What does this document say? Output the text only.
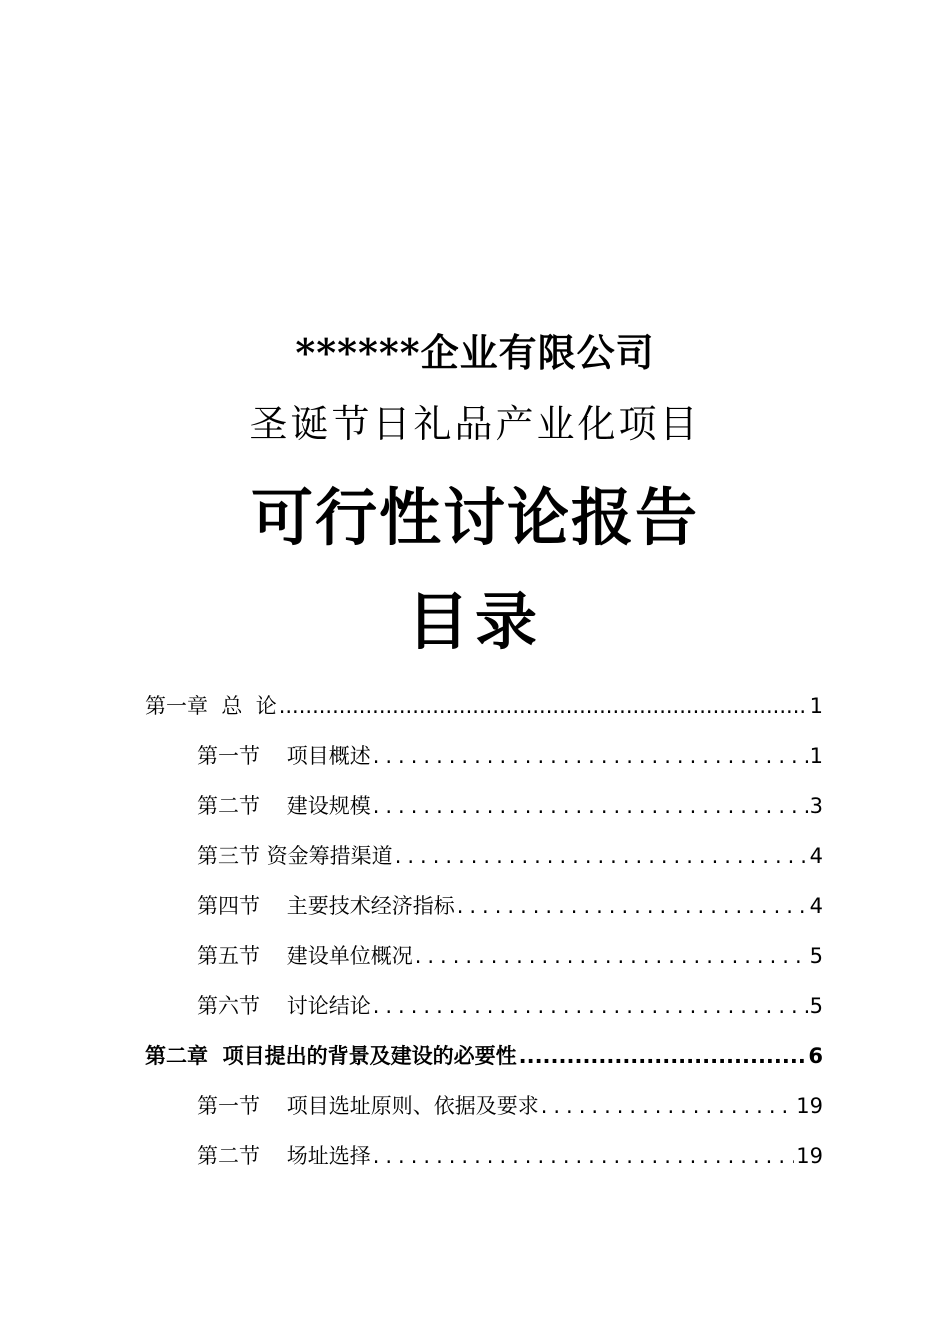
******企业有限公司
圣诞节日礼品产业化项目
可行性讨论报告
目录
第一章  总  论 .....	1
第一节    项目概述 .....	1
第二节    建设规模 .....	3
第三节 资金筹措渠道 .....	4
第四节    主要技术经济指标 .....	4
第五节    建设单位概况 .....	5
第六节    讨论结论 .....	5
第二章  项目提出的背景及建设的必要性 .....	6
第一节    项目选址原则、依据及要求 .....	19
第二节    场址选择 .....	19
